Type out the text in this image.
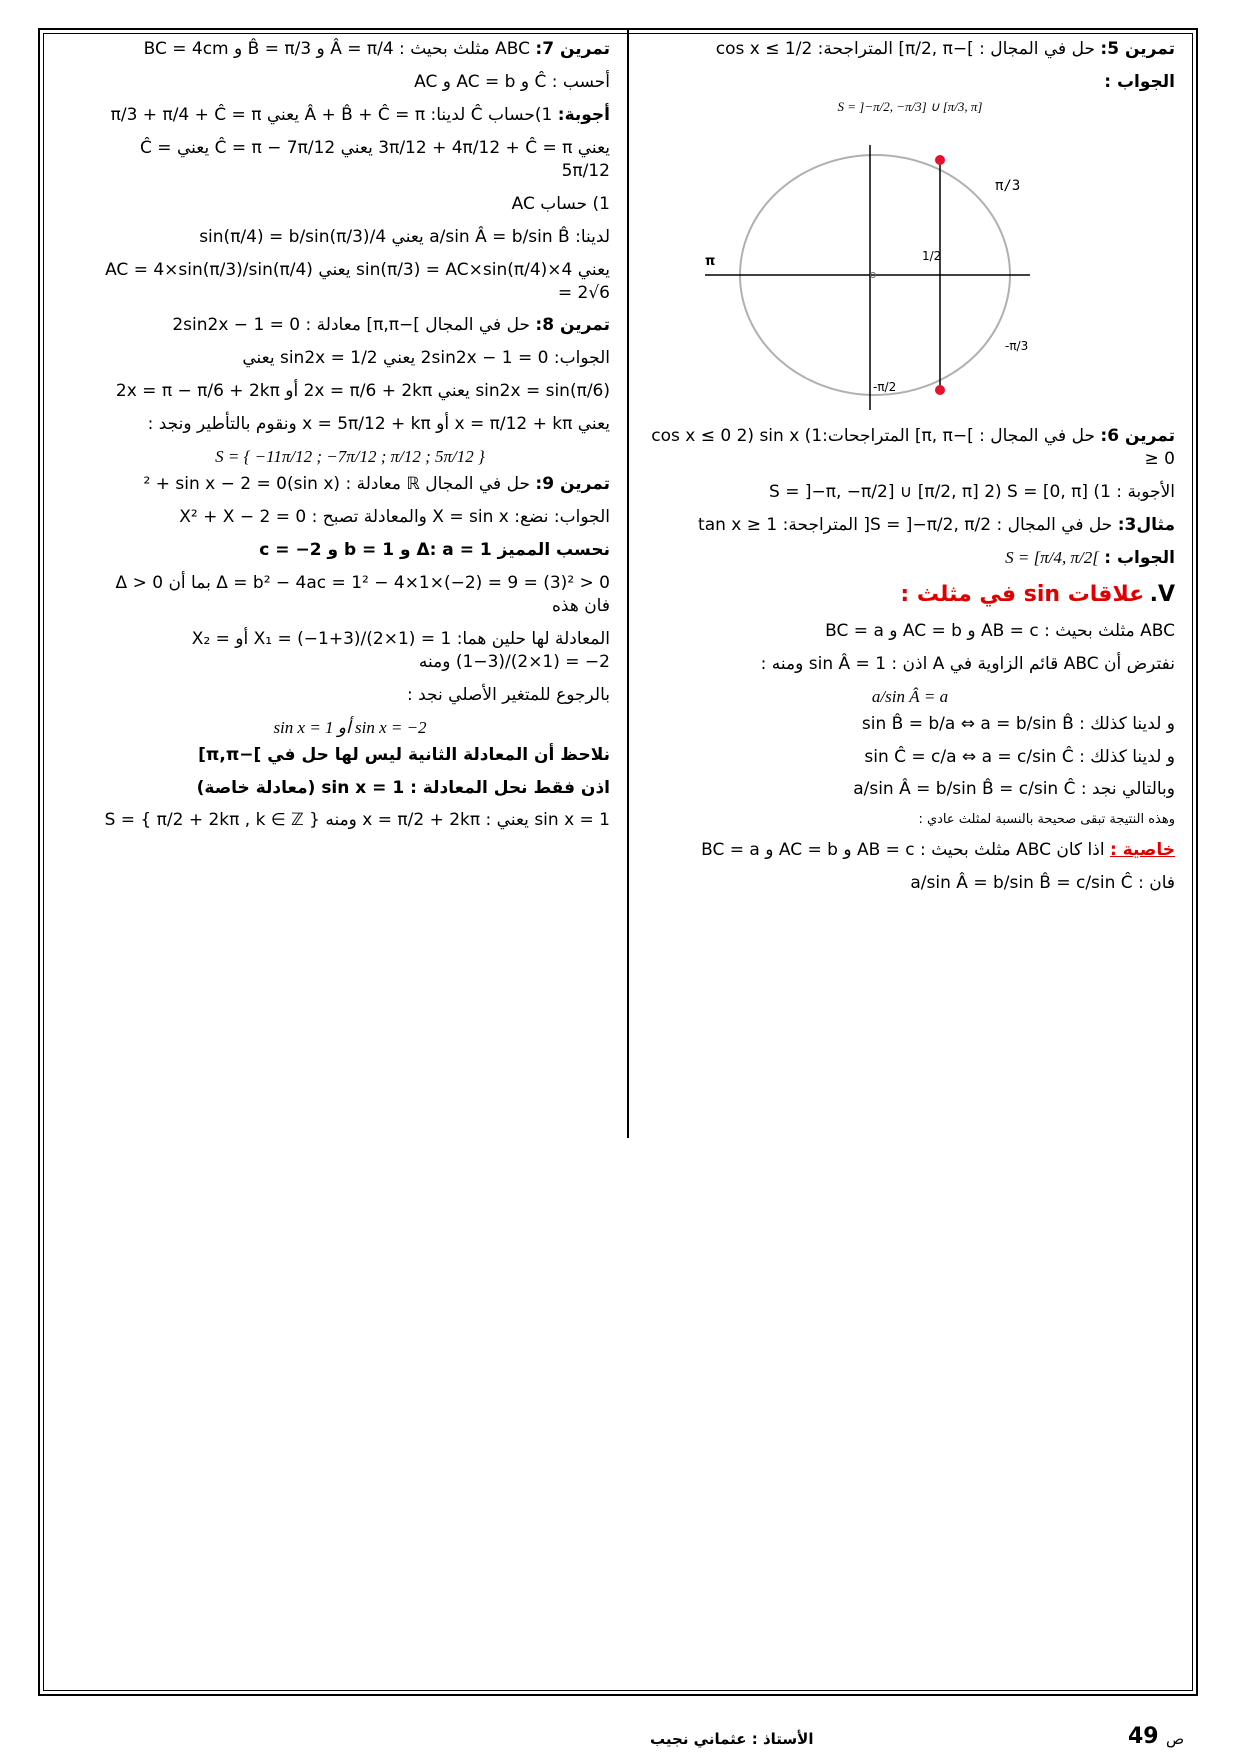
تمرين 5: حل في المجال : ]−π/2, π] المتراجحة: cos x ≤ 1/2
الجواب :
S = ]−π/2, −π/3] ∪ [π/3, π]
π
π/3
1/2
-π/3
-π/2
تمرين 6: حل في المجال : ]−π, π] المتراجحات:1) cos x ≤ 0 2) sin x ≥ 0
الأجوبة : 1) S = ]−π, −π/2] ∪ [π/2, π] 2) S = [0, π]
مثال3: حل في المجال : S = ]−π/2, π/2[ المتراجحة: tan x ≥ 1
الجواب : S = [π/4, π/2[
V. علاقات sin في مثلث :
ABC مثلث بحيث : AB = c و AC = b و BC = a
نفترض أن ABC قائم الزاوية في A اذن : sin Â = 1 ومنه :
a/sin Â = a
و لدينا كذلك : sin B̂ = b/a ⇔ a = b/sin B̂
و لدينا كذلك : sin Ĉ = c/a ⇔ a = c/sin Ĉ
وبالتالي نجد : a/sin Â = b/sin B̂ = c/sin Ĉ
وهذه النتيجة تبقى صحيحة بالنسبة لمثلث عادي :
خاصية : اذا كان ABC مثلث بحيث : AB = c و AC = b و BC = a
فان : a/sin Â = b/sin B̂ = c/sin Ĉ
تمرين 7: ABC مثلث بحيث : Â = π/4 و B̂ = π/3 و BC = 4cm
أحسب : Ĉ و AC = b و AC
أجوبة: 1)حساب Ĉ لدينا: Â + B̂ + Ĉ = π يعني π/3 + π/4 + Ĉ = π
يعني 3π/12 + 4π/12 + Ĉ = π يعني Ĉ = π − 7π/12 يعني Ĉ = 5π/12
1) حساب AC
لدينا: a/sin Â = b/sin B̂ يعني 4/sin(π/4) = b/sin(π/3)
يعني 4×sin(π/3) = AC×sin(π/4) يعني AC = 4×sin(π/3)/sin(π/4) = 2√6
تمرين 8: حل في المجال ]−π,π] معادلة : 2sin2x − 1 = 0
الجواب: 2sin2x − 1 = 0 يعني sin2x = 1/2 يعني
sin2x = sin(π/6) يعني 2x = π/6 + 2kπ أو 2x = π − π/6 + 2kπ
يعني x = π/12 + kπ أو x = 5π/12 + kπ ونقوم بالتأطير ونجد :
S = { −11π/12 ; −7π/12 ; π/12 ; 5π/12 }
تمرين 9: حل في المجال ℝ معادلة : (sin x)² + sin x − 2 = 0
الجواب: نضع: X = sin x والمعادلة تصبح : X² + X − 2 = 0
نحسب المميز Δ: a = 1 و b = 1 و c = −2
Δ = b² − 4ac = 1² − 4×1×(−2) = 9 = (3)² > 0 بما أن Δ > 0 فان هذه
المعادلة لها حلين هما: X₁ = (−1+3)/(2×1) = 1 أو X₂ = (1−3)/(2×1) = −2 ومنه
بالرجوع للمتغير الأصلي نجد :
sin x = 1 أو sin x = −2
نلاحظ أن المعادلة الثانية ليس لها حل في ]−π,π]
اذن فقط نحل المعادلة : sin x = 1 (معادلة خاصة)
sin x = 1 يعني : x = π/2 + 2kπ ومنه S = { π/2 + 2kπ , k ∈ ℤ }
الأستاذ : عثماني نجيب	49 ص
